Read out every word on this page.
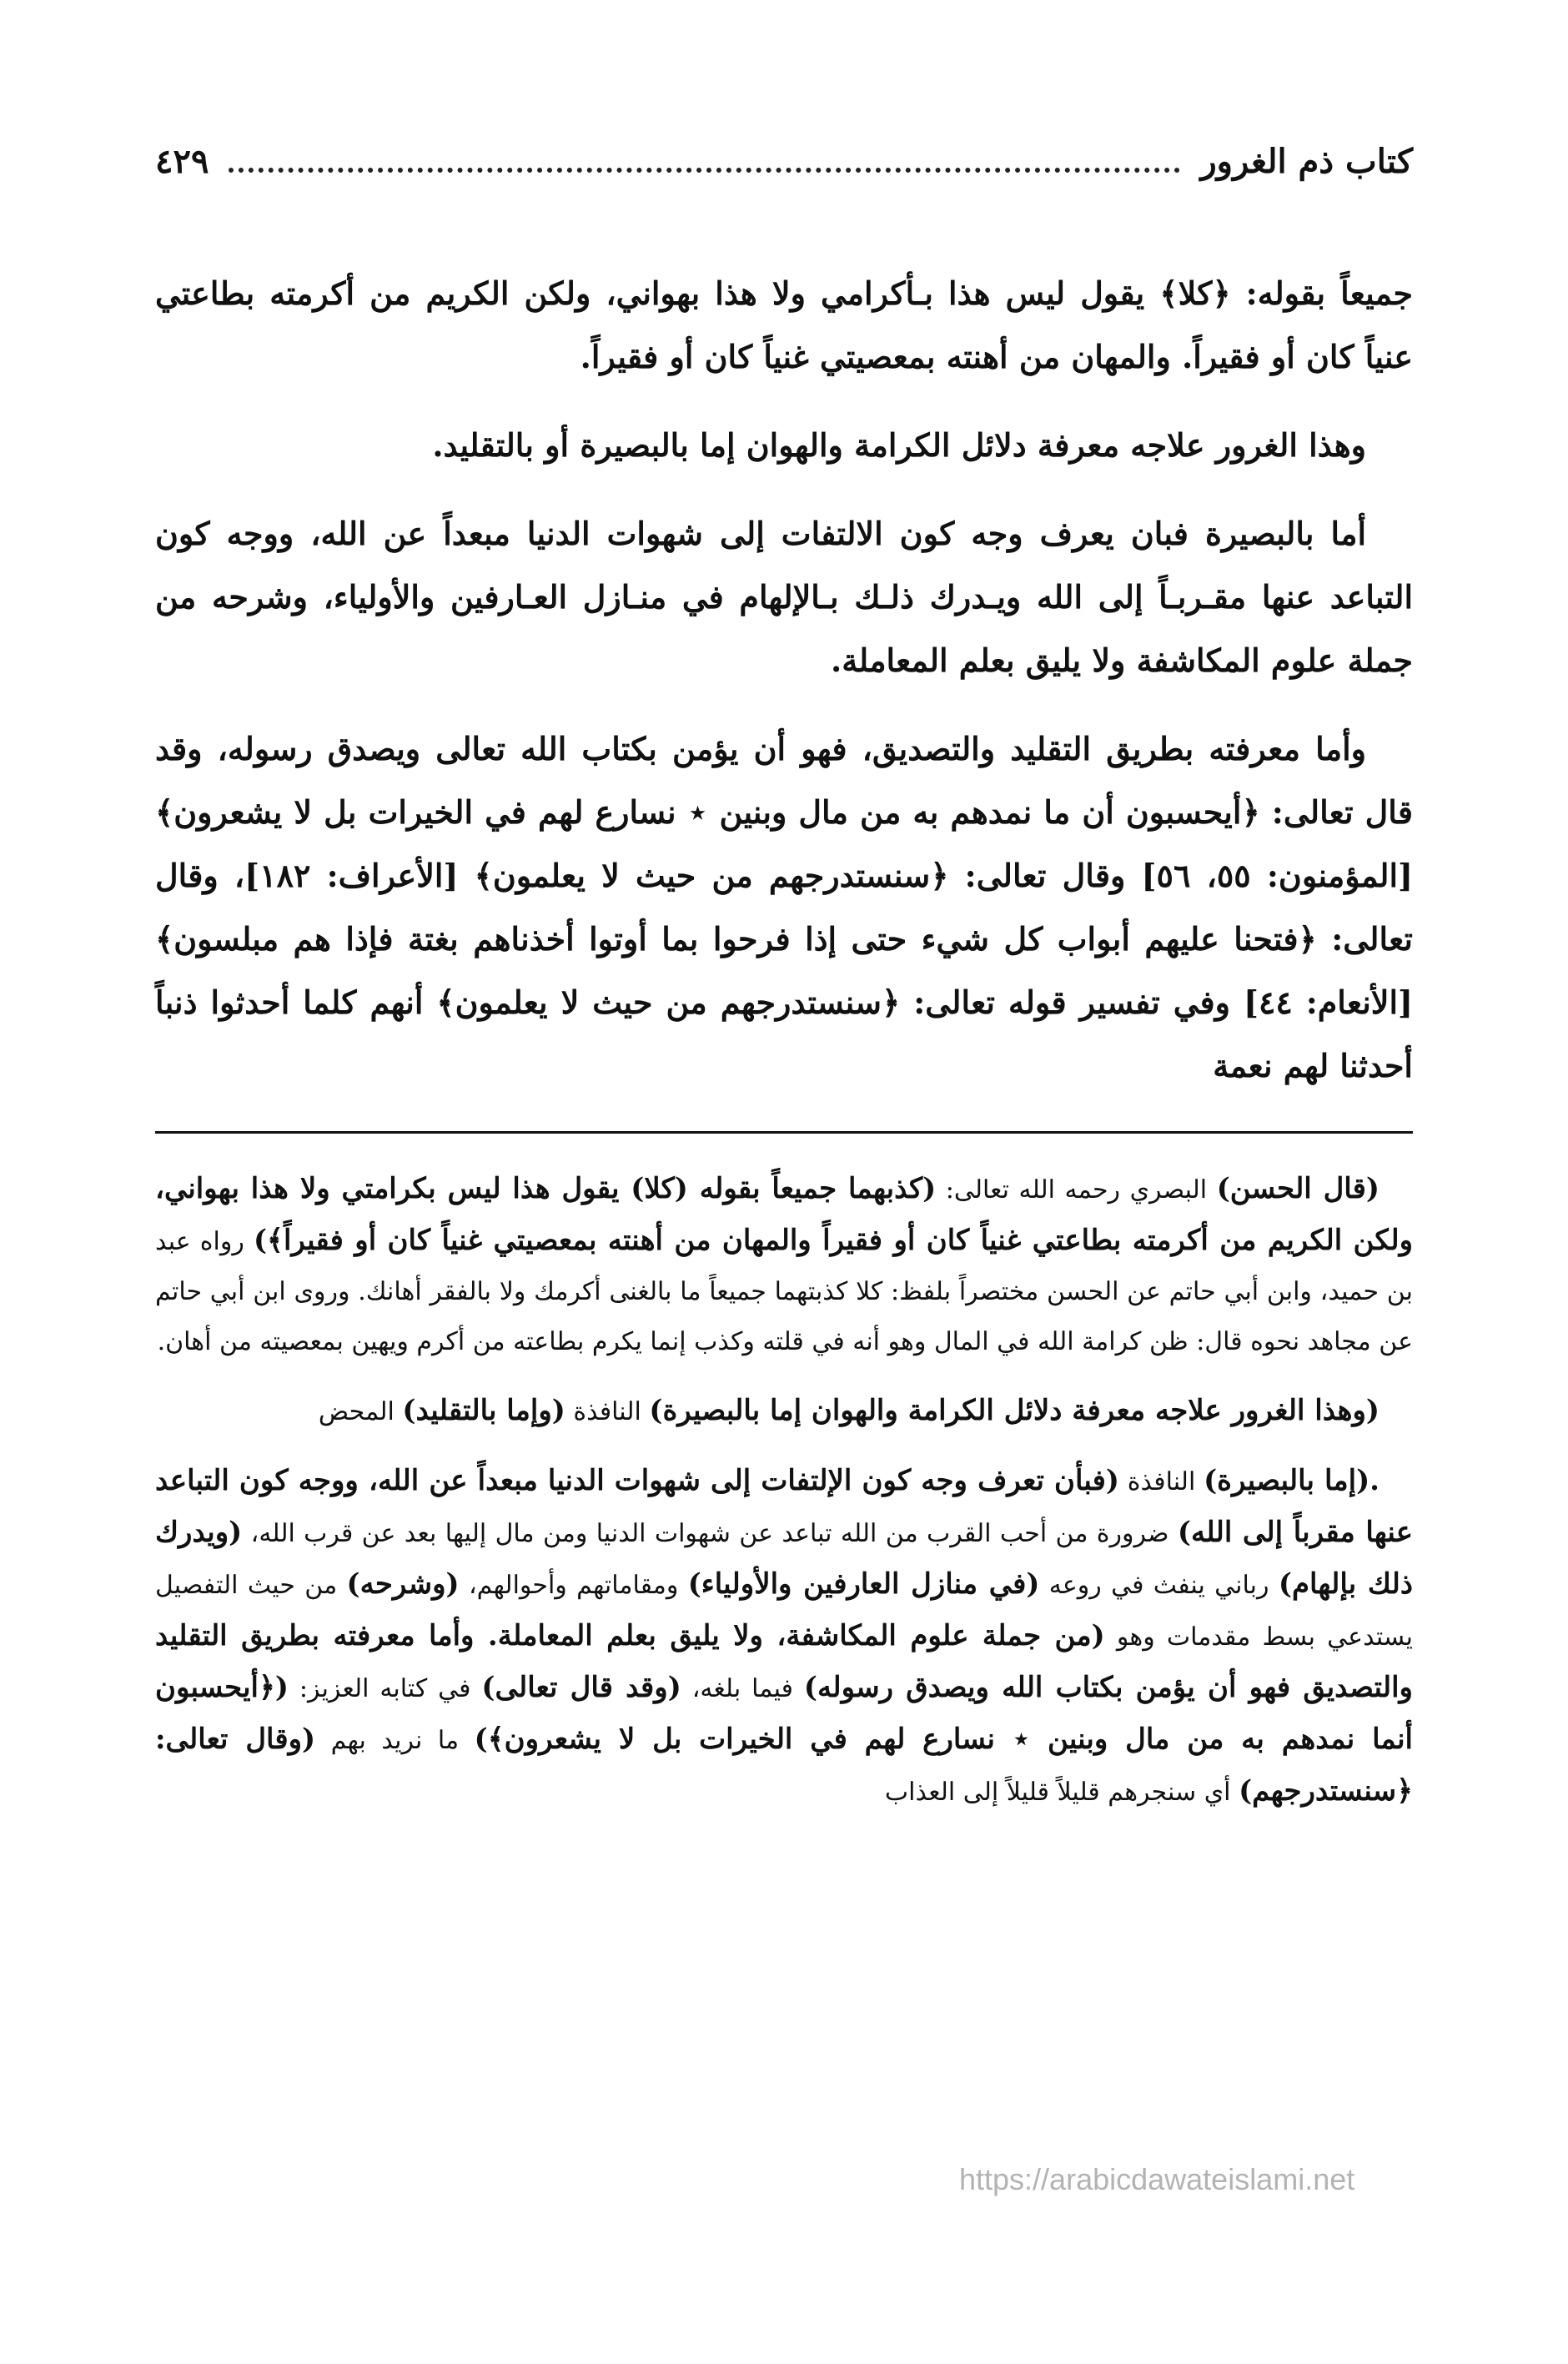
كتاب ذم الغرور
٤٢٩

جميعاً بقوله: ﴿كلا﴾ يقول ليس هذا بـأكرامي ولا هذا بهواني، ولكن الكريم من أكرمته بطاعتي عنياً كان أو فقيراً. والمهان من أهنته بمعصيتي غنياً كان أو فقيراً.

وهذا الغرور علاجه معرفة دلائل الكرامة والهوان إما بالبصيرة أو بالتقليد.

أما بالبصيرة فبان يعرف وجه كون الالتفات إلى شهوات الدنيا مبعداً عن الله، ووجه كون التباعد عنها مقـربـاً إلى الله ويـدرك ذلـك بـالإلهام في منـازل العـارفين والأولياء، وشرحه من جملة علوم المكاشفة ولا يليق بعلم المعاملة.

وأما معرفته بطريق التقليد والتصديق، فهو أن يؤمن بكتاب الله تعالى ويصدق رسوله، وقد قال تعالى: ﴿أيحسبون أن ما نمدهم به من مال وبنين ⋆ نسارع لهم في الخيرات بل لا يشعرون﴾ [المؤمنون: ٥٥، ٥٦] وقال تعالى: ﴿سنستدرجهم من حيث لا يعلمون﴾ [الأعراف: ١٨٢]، وقال تعالى: ﴿فتحنا عليهم أبواب كل شيء حتى إذا فرحوا بما أوتوا أخذناهم بغتة فإذا هم مبلسون﴾ [الأنعام: ٤٤] وفي تفسير قوله تعالى: ﴿سنستدرجهم من حيث لا يعلمون﴾ أنهم كلما أحدثوا ذنباً أحدثنا لهم نعمة

(قال الحسن) البصري رحمه الله تعالى: (كذبهما جميعاً بقوله (كلا) يقول هذا ليس بكرامتي ولا هذا بهواني، ولكن الكريم من أكرمته بطاعتي غنياً كان أو فقيراً والمهان من أهنته بمعصيتي غنياً كان أو فقيراً﴾) رواه عبد بن حميد، وابن أبي حاتم عن الحسن مختصراً بلفظ: كلا كذبتهما جميعاً ما بالغنى أكرمك ولا بالفقر أهانك. وروى ابن أبي حاتم عن مجاهد نحوه قال: ظن كرامة الله في المال وهو أنه في قلته وكذب إنما يكرم بطاعته من أكرم ويهين بمعصيته من أهان.

(وهذا الغرور علاجه معرفة دلائل الكرامة والهوان إما بالبصيرة) النافذة (وإما بالتقليد) المحض

.(إما بالبصيرة) النافذة (فبأن تعرف وجه كون الإلتفات إلى شهوات الدنيا مبعداً عن الله، ووجه كون التباعد عنها مقرباً إلى الله) ضرورة من أحب القرب من الله تباعد عن شهوات الدنيا ومن مال إليها بعد عن قرب الله، (ويدرك ذلك بإلهام) رباني ينفث في روعه (في منازل العارفين والأولياء) ومقاماتهم وأحوالهم، (وشرحه) من حيث التفصيل يستدعي بسط مقدمات وهو (من جملة علوم المكاشفة، ولا يليق بعلم المعاملة. وأما معرفته بطريق التقليد والتصديق فهو أن يؤمن بكتاب الله ويصدق رسوله) فيما بلغه، (وقد قال تعالى) في كتابه العزيز: (﴿أيحسبون أنما نمدهم به من مال وبنين ⋆ نسارع لهم في الخيرات بل لا يشعرون﴾) ما نريد بهم (وقال تعالى: ﴿سنستدرجهم) أي سنجرهم قليلاً قليلاً إلى العذاب

https://arabicdawateislami.net
